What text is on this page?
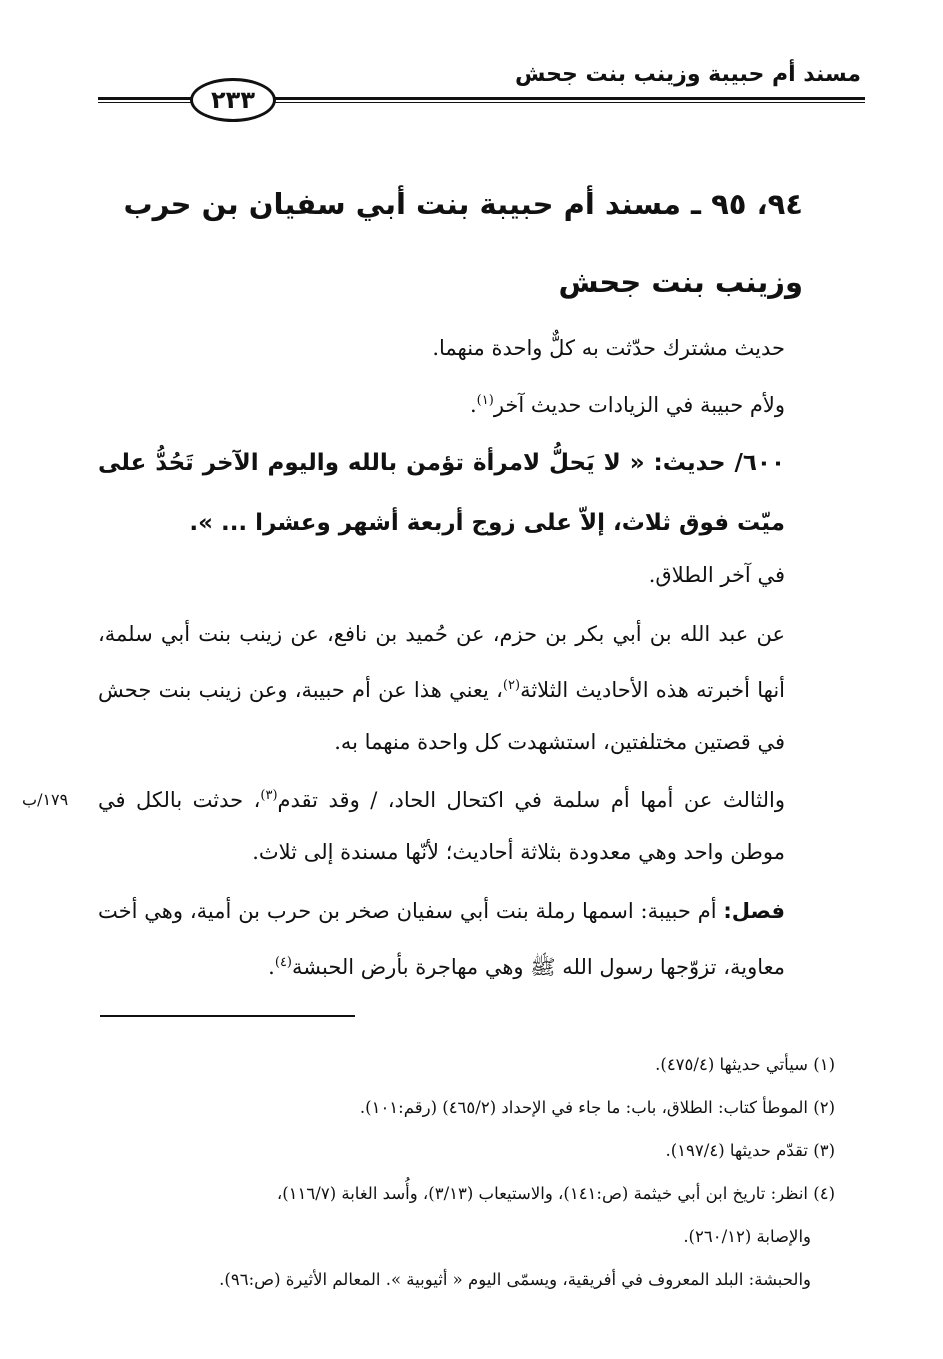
مسند أم حبيبة وزينب بنت جحش
٢٣٣
٩٤، ٩٥ ـ مسند أم حبيبة بنت أبي سفيان بن حرب وزينب بنت جحش
حديث مشترك حدّثت به كلٌّ واحدة منهما.
ولأم حبيبة في الزيادات حديث آخر$^{(١)}$.
٦٠٠/ حديث: « لا يَحلُّ لامرأة تؤمن بالله واليوم الآخر تَحُدُّ على ميّت فوق ثلاث، إلاّ على زوج أربعة أشهر وعشرا ... ».
في آخر الطلاق.
عن عبد الله بن أبي بكر بن حزم، عن حُميد بن نافع، عن زينب بنت أبي سلمة، أنها أخبرته هذه الأحاديث الثلاثة$^{(٢)}$، يعني هذا عن أم حبيبة، وعن زينب بنت جحش في قصتين مختلفتين، استشهدت كل واحدة منهما به.
والثالث عن أمها أم سلمة في اكتحال الحاد، / وقد تقدم$^{(٣)}$، حدثت بالكل في موطن واحد وهي معدودة بثلاثة أحاديث؛ لأنّها مسندة إلى ثلاث.
١٧٩/ب
فصل: أم حبيبة: اسمها رملة بنت أبي سفيان صخر بن حرب بن أمية، وهي أخت معاوية، تزوّجها رسول الله ﷺ وهي مهاجرة بأرض الحبشة$^{(٤)}$.
(١) سيأتي حديثها (٤٧٥/٤).
(٢) الموطأ كتاب: الطلاق، باب: ما جاء في الإحداد (٤٦٥/٢) (رقم:١٠١).
(٣) تقدّم حديثها (١٩٧/٤).
(٤) انظر: تاريخ ابن أبي خيثمة (ص:١٤١)، والاستيعاب (٣/١٣)، وأُسد الغابة (١١٦/٧)،
والإصابة (٢٦٠/١٢).
والحبشة: البلد المعروف في أفريقية، ويسمّى اليوم « أثيوبية ». المعالم الأثيرة (ص:٩٦).
